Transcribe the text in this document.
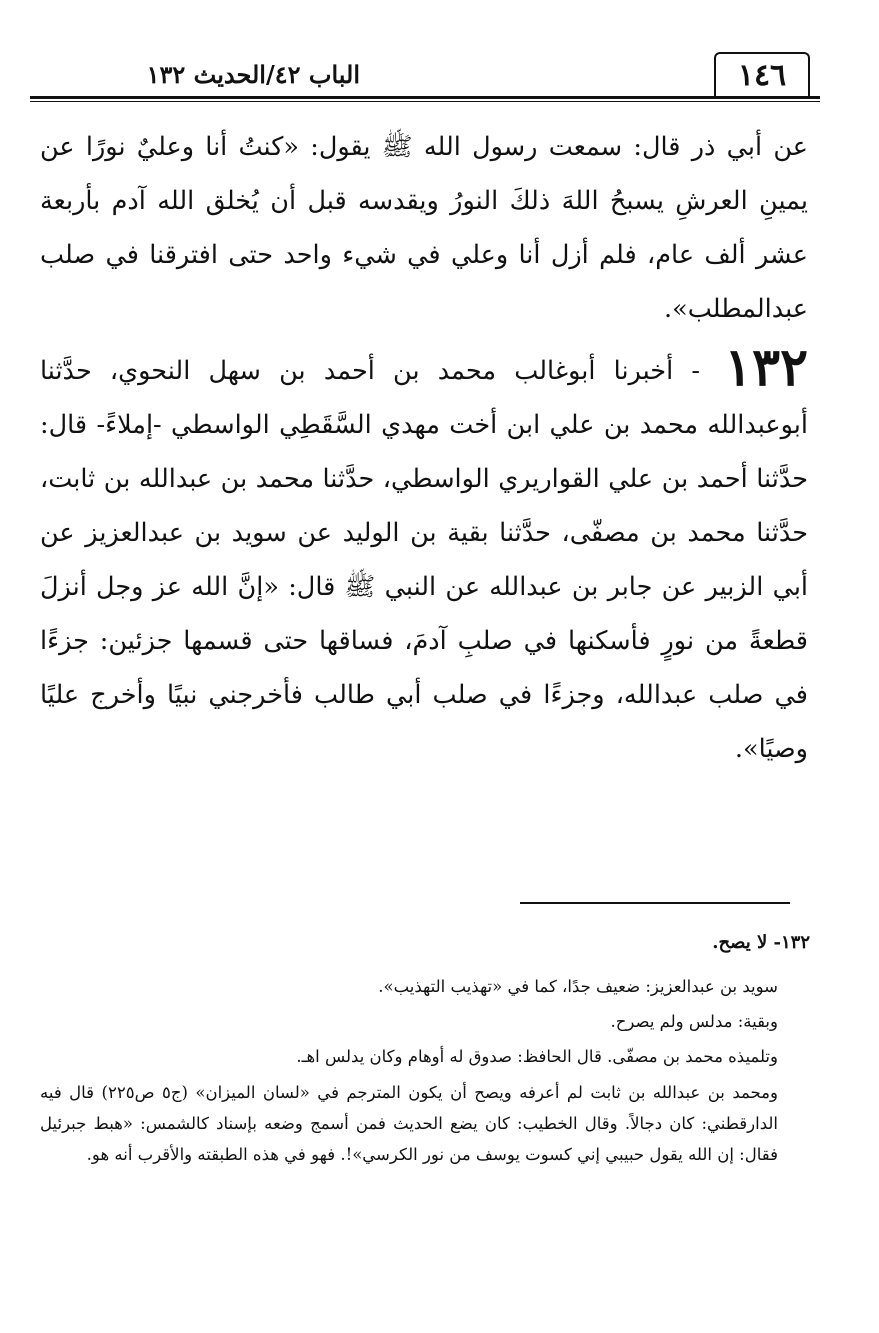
١٤٦
الباب ٤٢/الحديث ١٣٢

عن أبي ذر قال: سمعت رسول الله ﷺ يقول: «كنتُ أنا وعليٌ نورًا عن يمينِ العرشِ يسبحُ اللهَ ذلكَ النورُ ويقدسه قبل أن يُخلق الله آدم بأربعة عشر ألف عام، فلم أزل أنا وعلي في شيء واحد حتى افترقنا في صلب عبدالمطلب».

١٣٢ - أخبرنا أبوغالب محمد بن أحمد بن سهل النحوي، حدَّثنا أبوعبدالله محمد بن علي ابن أخت مهدي السَّقَطِي الواسطي -إملاءً- قال: حدَّثنا أحمد بن علي القواريري الواسطي، حدَّثنا محمد بن عبدالله بن ثابت، حدَّثنا محمد بن مصفّى، حدَّثنا بقية بن الوليد عن سويد بن عبدالعزيز عن أبي الزبير عن جابر بن عبدالله عن النبي ﷺ قال: «إنَّ الله عز وجل أنزلَ قطعةً من نورٍ فأسكنها في صلبِ آدمَ، فساقها حتى قسمها جزئين: جزءًا في صلب عبدالله، وجزءًا في صلب أبي طالب فأخرجني نبيًا وأخرج عليًا وصيًا».

١٣٢- لا يصح.

سويد بن عبدالعزيز: ضعيف جدًا، كما في «تهذيب التهذيب».

وبقية: مدلس ولم يصرح.

وتلميذه محمد بن مصفّى. قال الحافظ: صدوق له أوهام وكان يدلس اهـ.

ومحمد بن عبدالله بن ثابت لم أعرفه ويصح أن يكون المترجم في «لسان الميزان» (ج٥ ص٢٢٥) قال فيه الدارقطني: كان دجالاً. وقال الخطيب: كان يضع الحديث فمن أسمج وضعه بإسناد كالشمس: «هبط جبرئيل فقال: إن الله يقول حبيبي إني كسوت يوسف من نور الكرسي»!. فهو في هذه الطبقته والأقرب أنه هو.
